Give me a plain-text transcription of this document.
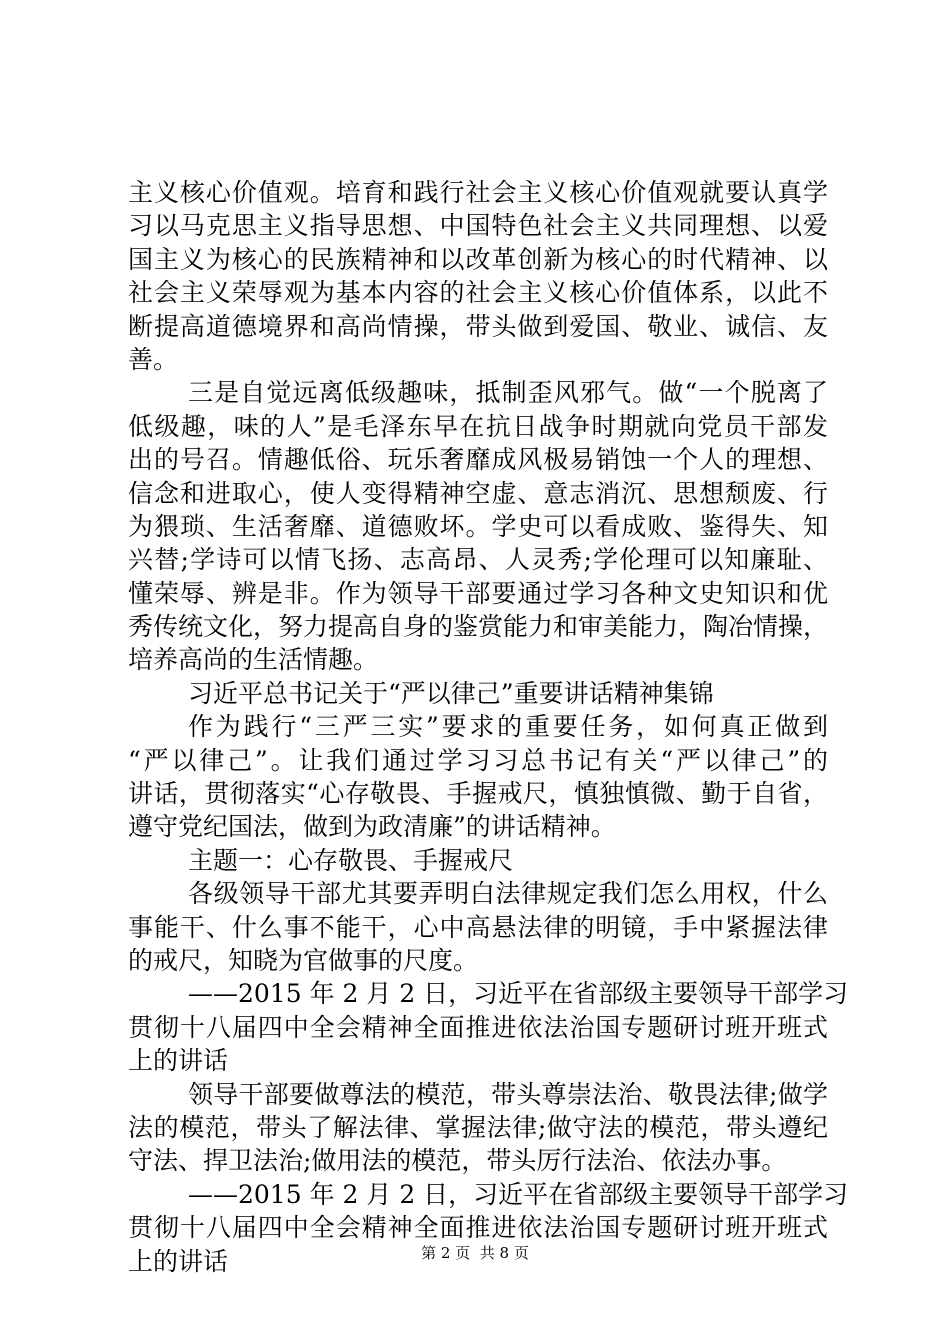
主义核心价值观。培育和践行社会主义核心价值观就要认真学
习以马克思主义指导思想、中国特色社会主义共同理想、以爱
国主义为核心的民族精神和以改革创新为核心的时代精神、以
社会主义荣辱观为基本内容的社会主义核心价值体系，以此不
断提高道德境界和高尚情操，带头做到爱国、敬业、诚信、友
善。
三是自觉远离低级趣味，抵制歪风邪气。做“一个脱离了
低级趣，味的人”是毛泽东早在抗日战争时期就向党员干部发
出的号召。情趣低俗、玩乐奢靡成风极易销蚀一个人的理想、
信念和进取心，使人变得精神空虚、意志消沉、思想颓废、行
为猥琐、生活奢靡、道德败坏。学史可以看成败、鉴得失、知
兴替;学诗可以情飞扬、志高昂、人灵秀;学伦理可以知廉耻、
懂荣辱、辨是非。作为领导干部要通过学习各种文史知识和优
秀传统文化，努力提高自身的鉴赏能力和审美能力，陶冶情操，
培养高尚的生活情趣。
习近平总书记关于“严以律己”重要讲话精神集锦
作为践行“三严三实”要求的重要任务，如何真正做到
“严以律己”。让我们通过学习习总书记有关“严以律己”的
讲话，贯彻落实“心存敬畏、手握戒尺，慎独慎微、勤于自省，
遵守党纪国法，做到为政清廉”的讲话精神。
主题一：心存敬畏、手握戒尺
各级领导干部尤其要弄明白法律规定我们怎么用权，什么
事能干、什么事不能干，心中高悬法律的明镜，手中紧握法律
的戒尺，知晓为官做事的尺度。
——2015 年 2 月 2 日，习近平在省部级主要领导干部学习
贯彻十八届四中全会精神全面推进依法治国专题研讨班开班式
上的讲话
领导干部要做尊法的模范，带头尊崇法治、敬畏法律;做学
法的模范，带头了解法律、掌握法律;做守法的模范，带头遵纪
守法、捍卫法治;做用法的模范，带头厉行法治、依法办事。
——2015 年 2 月 2 日，习近平在省部级主要领导干部学习
贯彻十八届四中全会精神全面推进依法治国专题研讨班开班式
上的讲话	第 2 页  共 8 页
